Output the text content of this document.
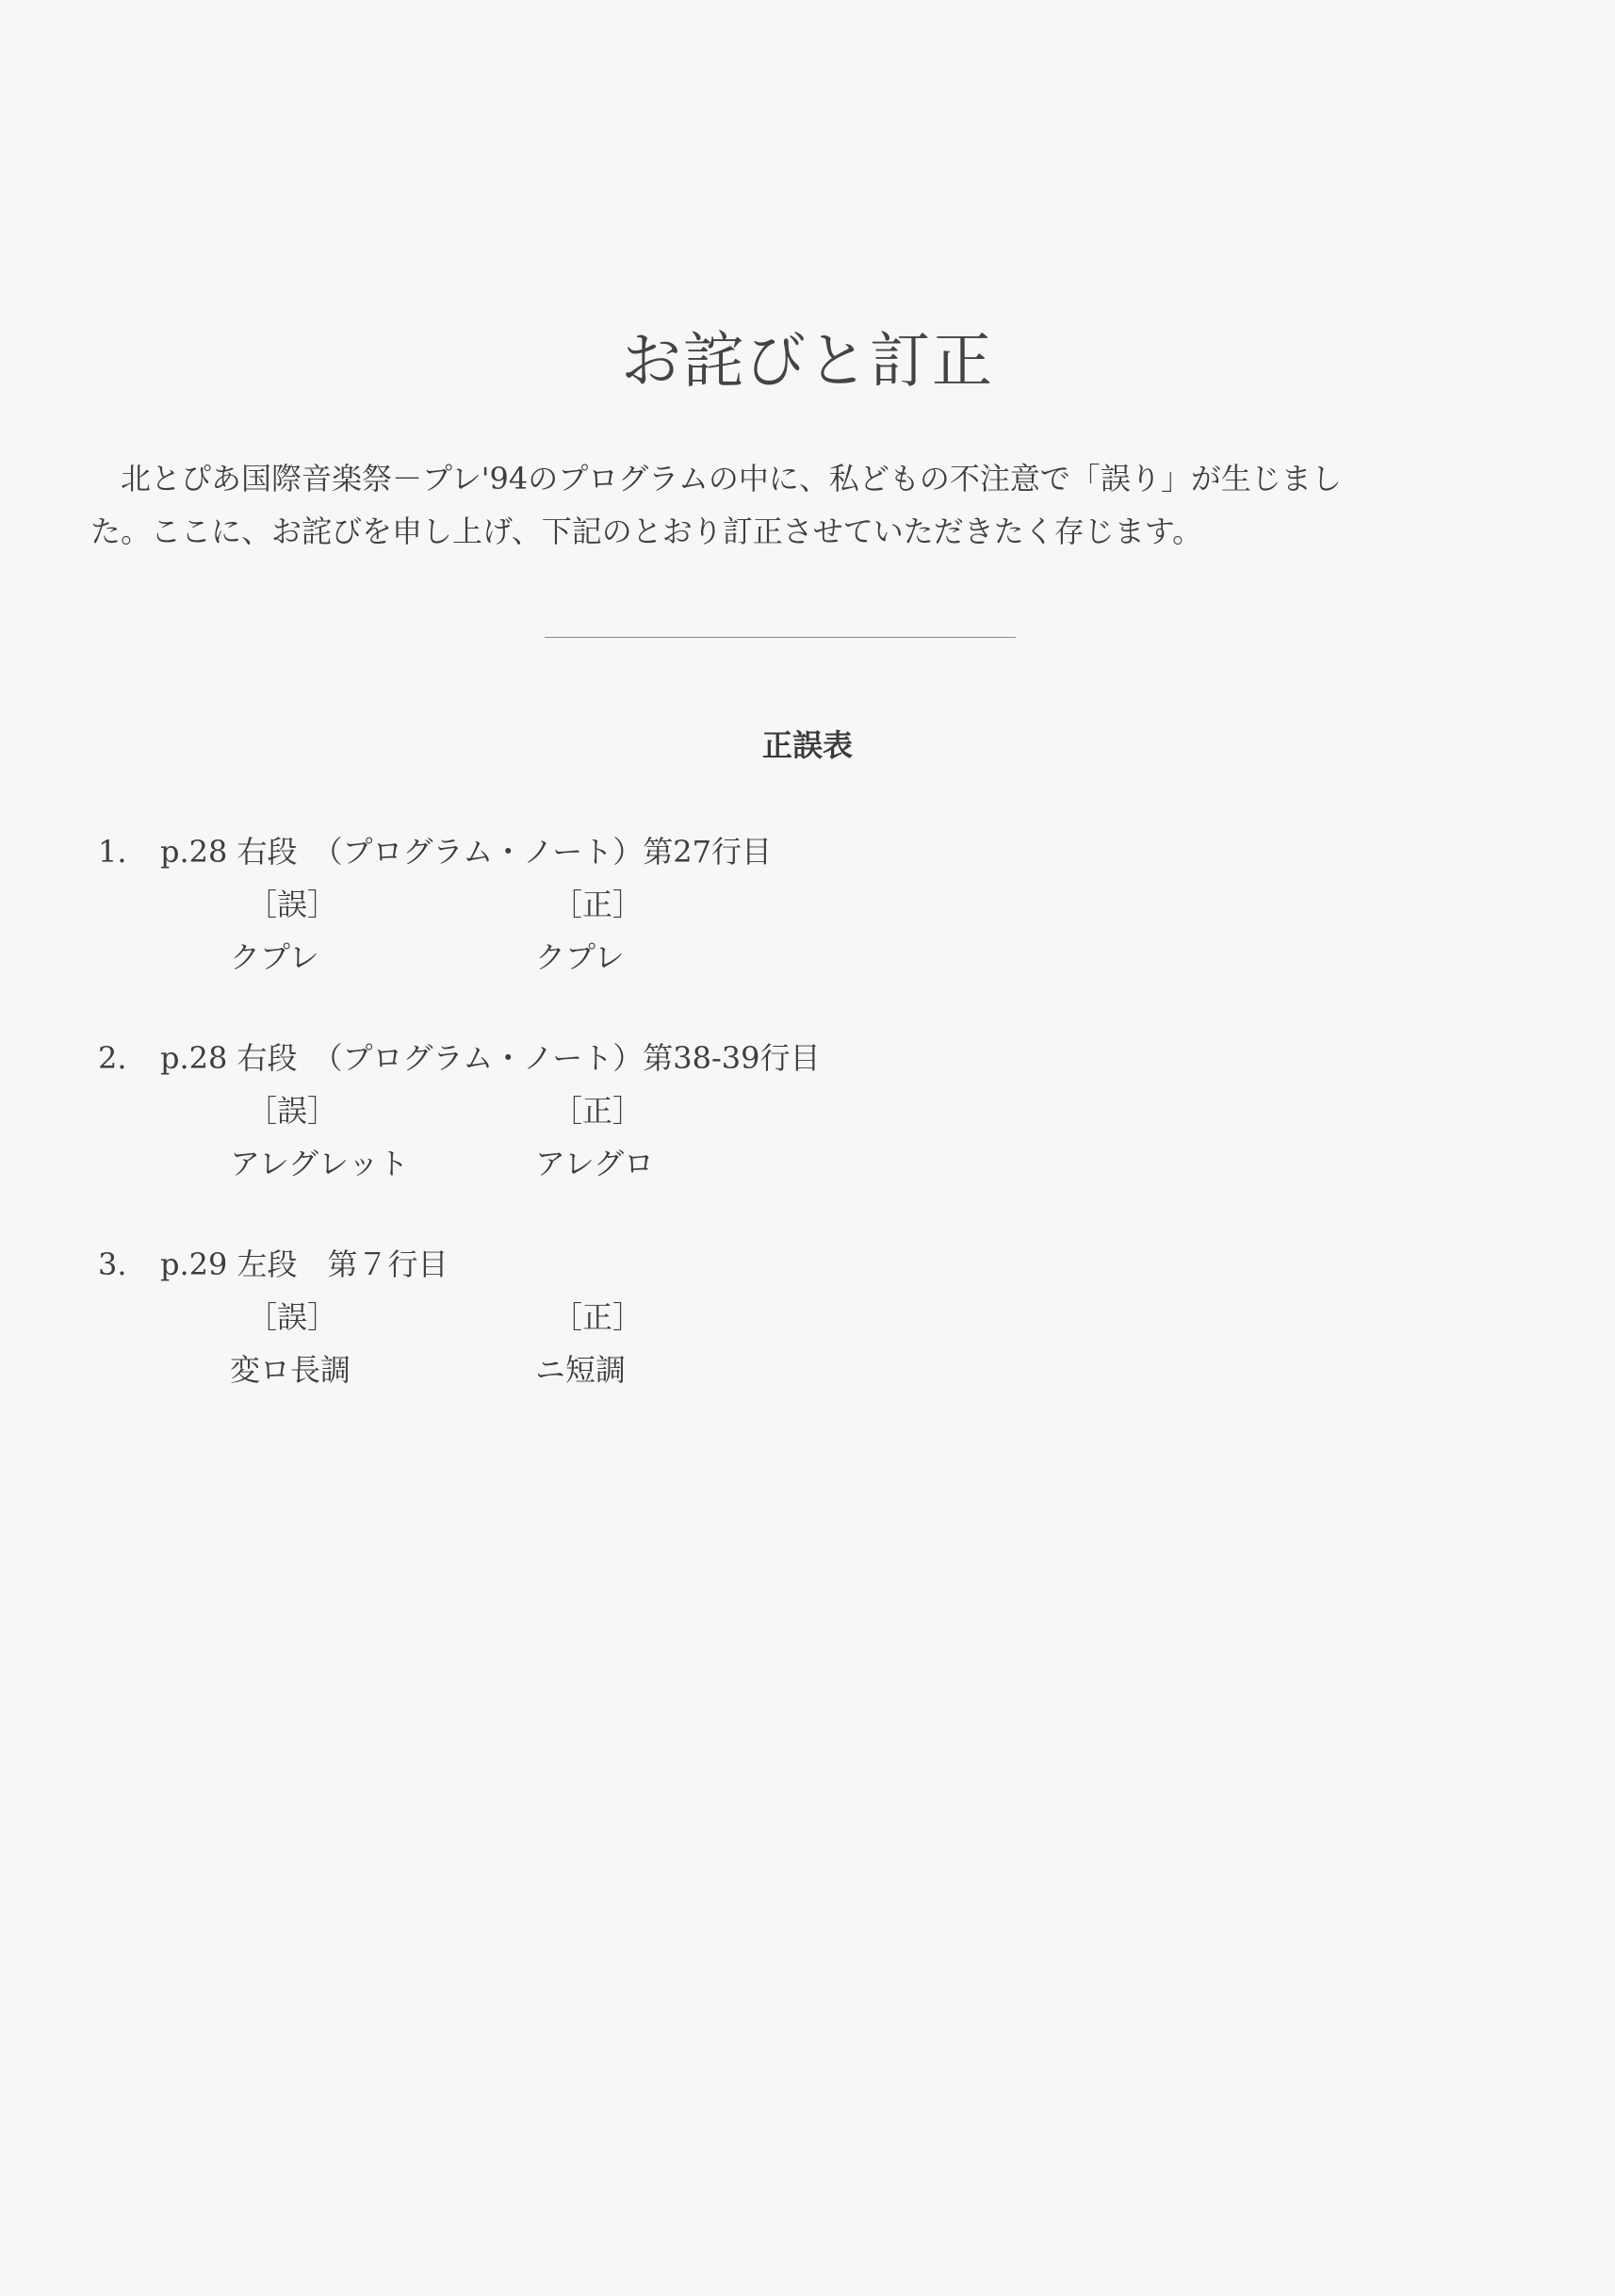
お詫びと訂正

北とぴあ国際音楽祭－プレ'94のプログラムの中に、私どもの不注意で「誤り」が生じまし
た。ここに、お詫びを申し上げ、下記のとおり訂正させていただきたく存じます。

正誤表
1. p.28 右段　（プログラム・ノート）第27行目
［誤］	［正］
クプレ	クプレ
2. p.28 右段　（プログラム・ノート）第38-39行目
［誤］	［正］
アレグレット	アレグロ
3. p.29 左段　第７行目
［誤］	［正］
変ロ長調	ニ短調
